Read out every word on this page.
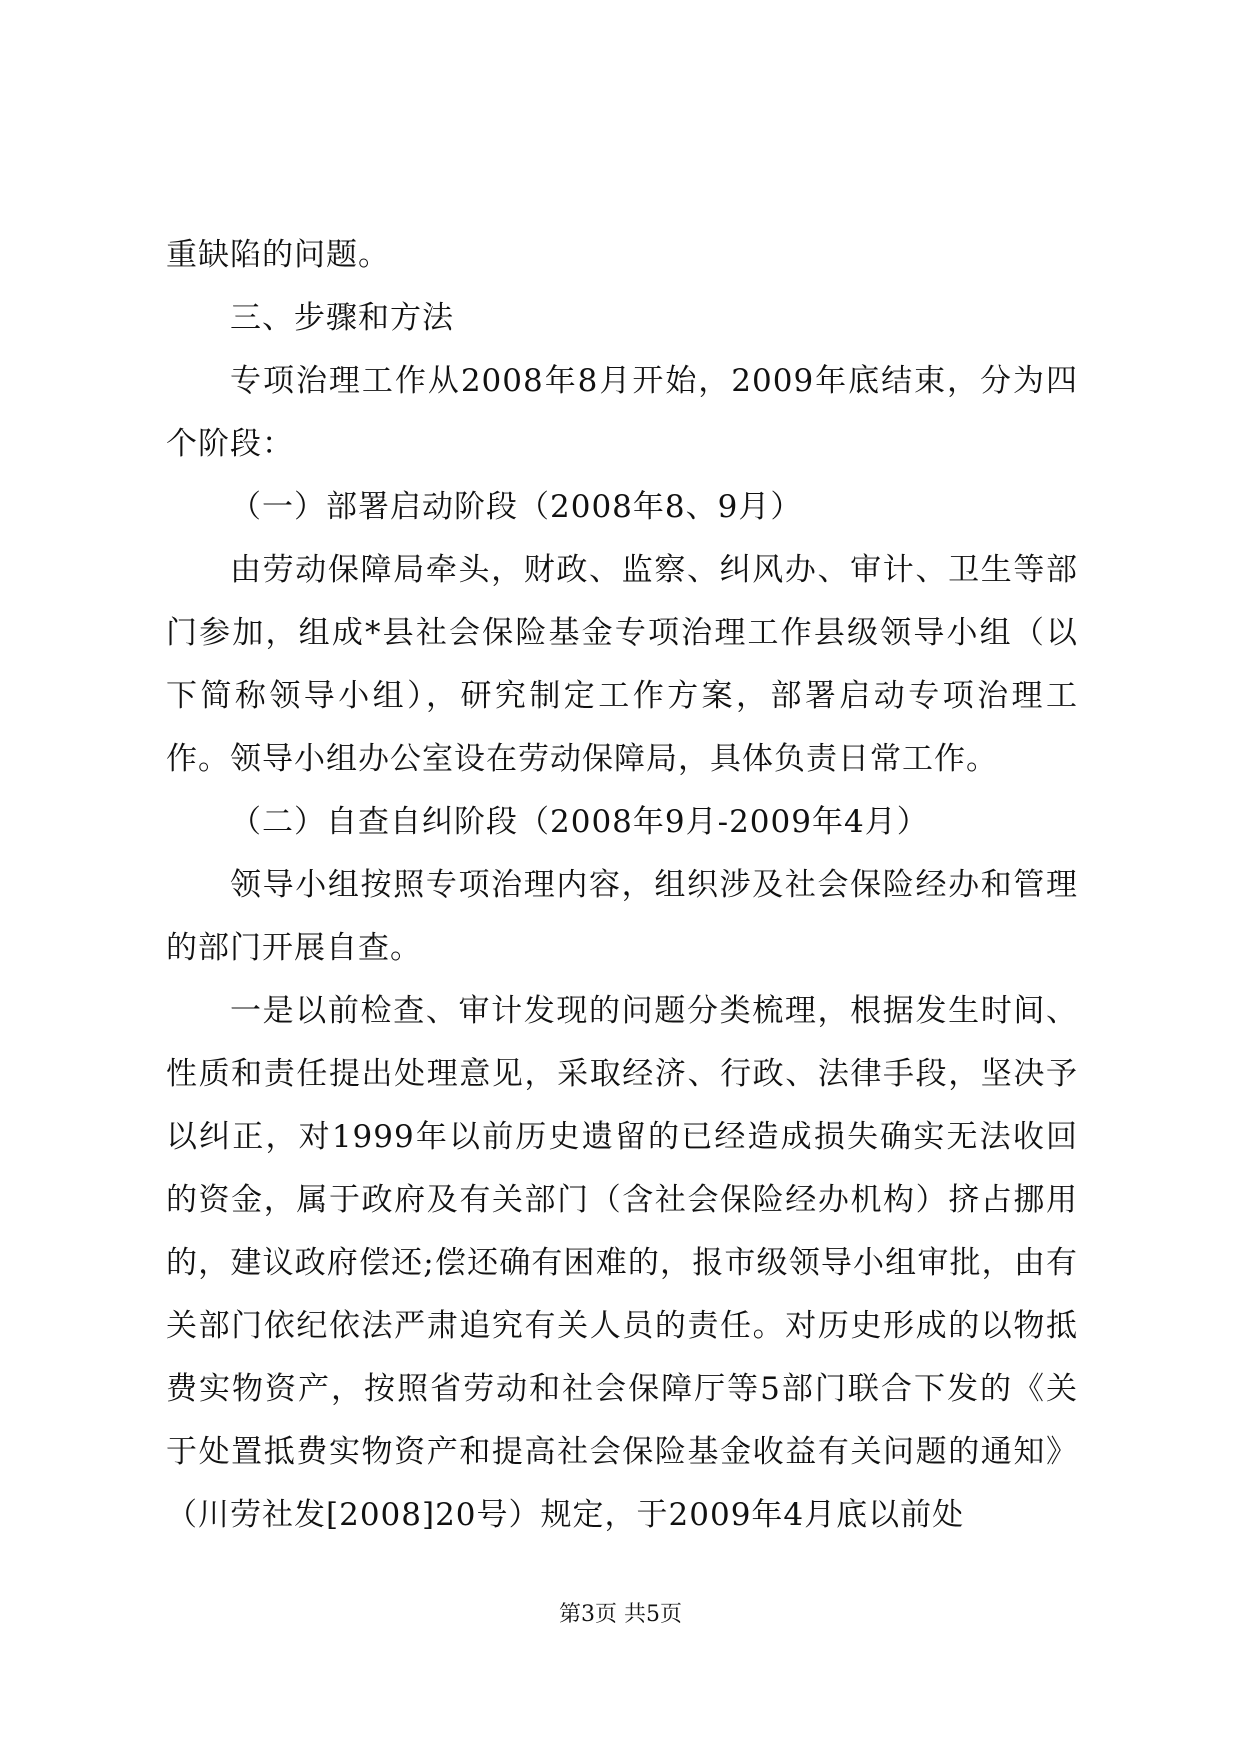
重缺陷的问题。

三、步骤和方法

专项治理工作从2008年8月开始，2009年底结束，分为四个阶段：

（一）部署启动阶段（2008年8、9月）

由劳动保障局牵头，财政、监察、纠风办、审计、卫生等部门参加，组成*县社会保险基金专项治理工作县级领导小组（以下简称领导小组），研究制定工作方案，部署启动专项治理工作。领导小组办公室设在劳动保障局，具体负责日常工作。

（二）自查自纠阶段（2008年9月-2009年4月）

领导小组按照专项治理内容，组织涉及社会保险经办和管理的部门开展自查。

一是以前检查、审计发现的问题分类梳理，根据发生时间、性质和责任提出处理意见，采取经济、行政、法律手段，坚决予以纠正，对1999年以前历史遗留的已经造成损失确实无法收回的资金，属于政府及有关部门（含社会保险经办机构）挤占挪用的，建议政府偿还;偿还确有困难的，报市级领导小组审批，由有关部门依纪依法严肃追究有关人员的责任。对历史形成的以物抵费实物资产，按照省劳动和社会保障厅等5部门联合下发的《关于处置抵费实物资产和提高社会保险基金收益有关问题的通知》（川劳社发[2008]20号）规定，于2009年4月底以前处

第3页 共5页
